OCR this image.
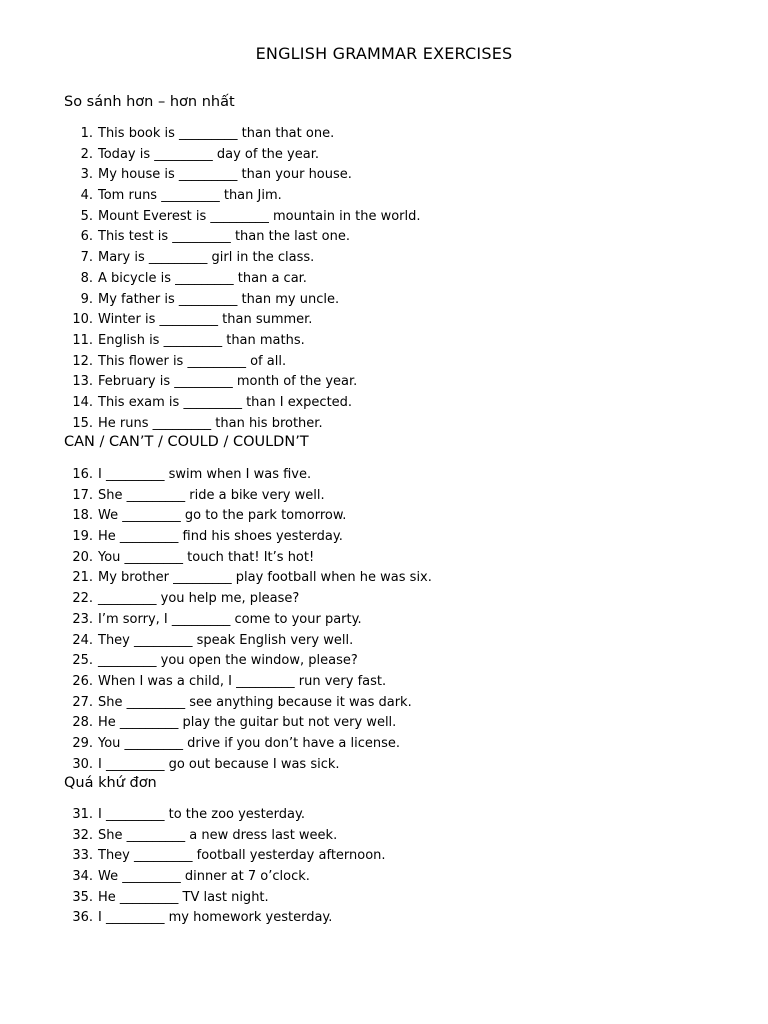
ENGLISH GRAMMAR EXERCISES
So sánh hơn – hơn nhất
1. This book is _________ than that one.
2. Today is _________ day of the year.
3. My house is _________ than your house.
4. Tom runs _________ than Jim.
5. Mount Everest is _________ mountain in the world.
6. This test is _________ than the last one.
7. Mary is _________ girl in the class.
8. A bicycle is _________ than a car.
9. My father is _________ than my uncle.
10. Winter is _________ than summer.
11. English is _________ than maths.
12. This flower is _________ of all.
13. February is _________ month of the year.
14. This exam is _________ than I expected.
15. He runs _________ than his brother.
CAN / CAN’T / COULD / COULDN’T
16. I _________ swim when I was five.
17. She _________ ride a bike very well.
18. We _________ go to the park tomorrow.
19. He _________ find his shoes yesterday.
20. You _________ touch that! It’s hot!
21. My brother _________ play football when he was six.
22. _________ you help me, please?
23. I’m sorry, I _________ come to your party.
24. They _________ speak English very well.
25. _________ you open the window, please?
26. When I was a child, I _________ run very fast.
27. She _________ see anything because it was dark.
28. He _________ play the guitar but not very well.
29. You _________ drive if you don’t have a license.
30. I _________ go out because I was sick.
Quá khứ đơn
31. I _________ to the zoo yesterday.
32. She _________ a new dress last week.
33. They _________ football yesterday afternoon.
34. We _________ dinner at 7 o’clock.
35. He _________ TV last night.
36. I _________ my homework yesterday.
